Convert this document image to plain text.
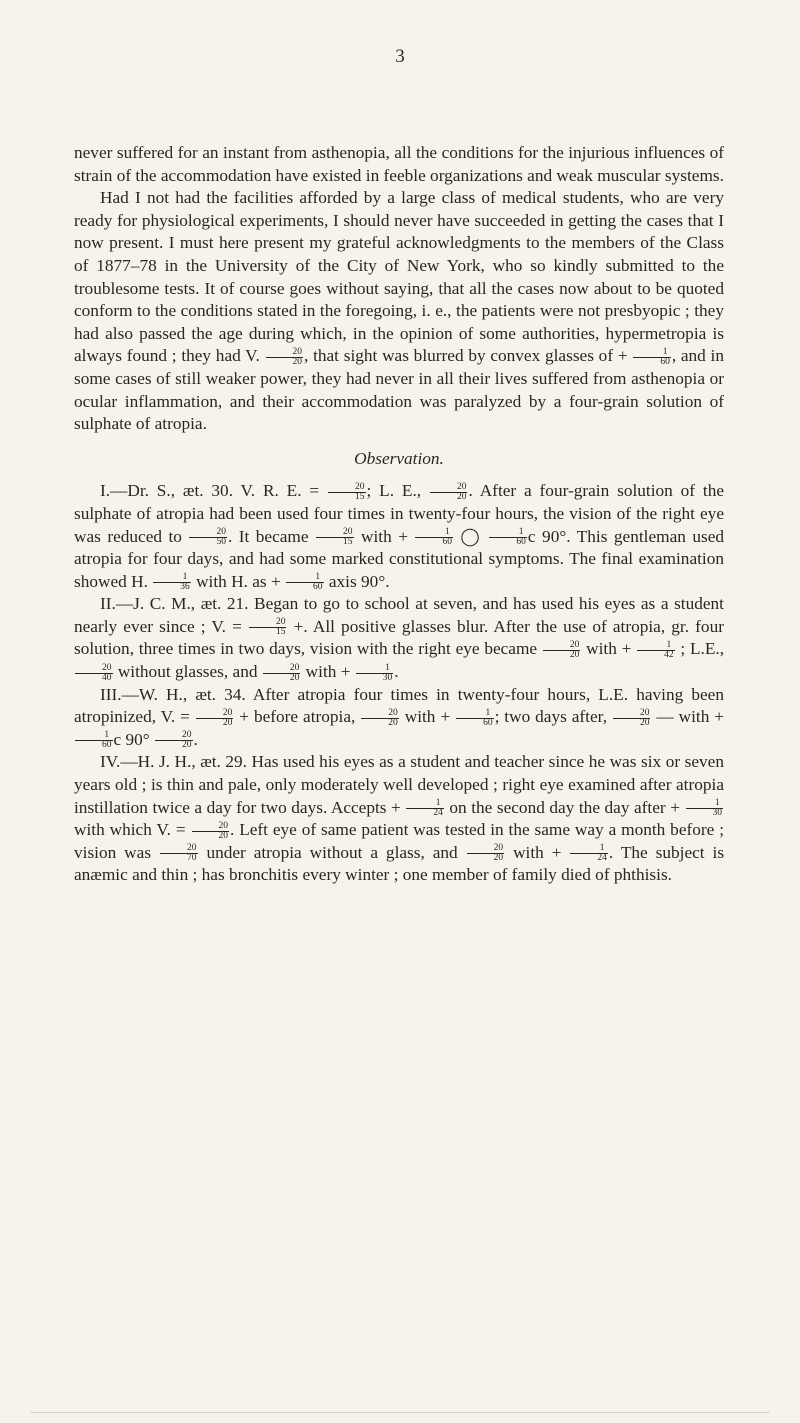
3

never suffered for an instant from asthenopia, all the conditions for the injurious influences of strain of the accommodation have existed in feeble organizations and weak muscular systems.

Had I not had the facilities afforded by a large class of medical students, who are very ready for physiological experiments, I should never have succeeded in getting the cases that I now present. I must here present my grateful acknowledgments to the members of the Class of 1877–78 in the University of the City of New York, who so kindly submitted to the troublesome tests. It of course goes without saying, that all the cases now about to be quoted conform to the conditions stated in the foregoing, i. e., the patients were not presbyopic ; they had also passed the age during which, in the opinion of some authorities, hypermetropia is always found ; they had V. $\frac{20}{20}$ , that sight was blurred by convex glasses of + $\frac{1}{60}$ , and in some cases of still weaker power, they had never in all their lives suffered from asthenopia or ocular inflammation, and their accommodation was paralyzed by a four-grain solution of sulphate of atropia.

Observation.

I.—Dr. S., æt. 30. V. R. E. = $\frac{20}{15}$ ; L. E., $\frac{20}{20}$ . After a four-grain solution of the sulphate of atropia had been used four times in twenty-four hours, the vision of the right eye was reduced to $\frac{20}{50}$ . It became $\frac{20}{15}$ with + $\frac{1}{60}$ ◯ $\frac{1}{60}$ c 90°. This gentleman used atropia for four days, and had some marked constitutional symptoms. The final examination showed H. $\frac{1}{36}$ with H. as + $\frac{1}{60}$ axis 90°.

II.—J. C. M., æt. 21. Began to go to school at seven, and has used his eyes as a student nearly ever since ; V. = $\frac{20}{15}$ +. All positive glasses blur. After the use of atropia, gr. four solution, three times in two days, vision with the right eye became $\frac{20}{20}$ with + $\frac{1}{42}$ ; L.E.,
$\frac{20}{40}$ without glasses, and $\frac{20}{20}$ with + $\frac{1}{30}$ .

III.—W. H., æt. 34. After atropia four times in twenty-four hours, L.E. having been atropinized, V. = $\frac{20}{20}$ + before atropia, $\frac{20}{20}$ with + $\frac{1}{60}$ ; two days after, $\frac{20}{20}$ — with +
$\frac{1}{60}$ c $90^\circ \frac{20}{20}$ .

IV.—H. J. H., æt. 29. Has used his eyes as a student and teacher since he was six or seven years old ; is thin and pale, only moderately well developed ; right eye examined after atropia instillation twice a day for two days. Accepts + $\frac{1}{24}$ on the second day the day after + $\frac{1}{30}$
with which V. = $\frac{20}{20}$ . Left eye of same patient was tested in the same way a month before ; vision was $\frac{20}{70}$ under atropia without a glass, and $\frac{20}{20}$ with + $\frac{1}{24}$ . The subject is anæmic and thin ; has bronchitis every winter ; one member of family died of phthisis.
